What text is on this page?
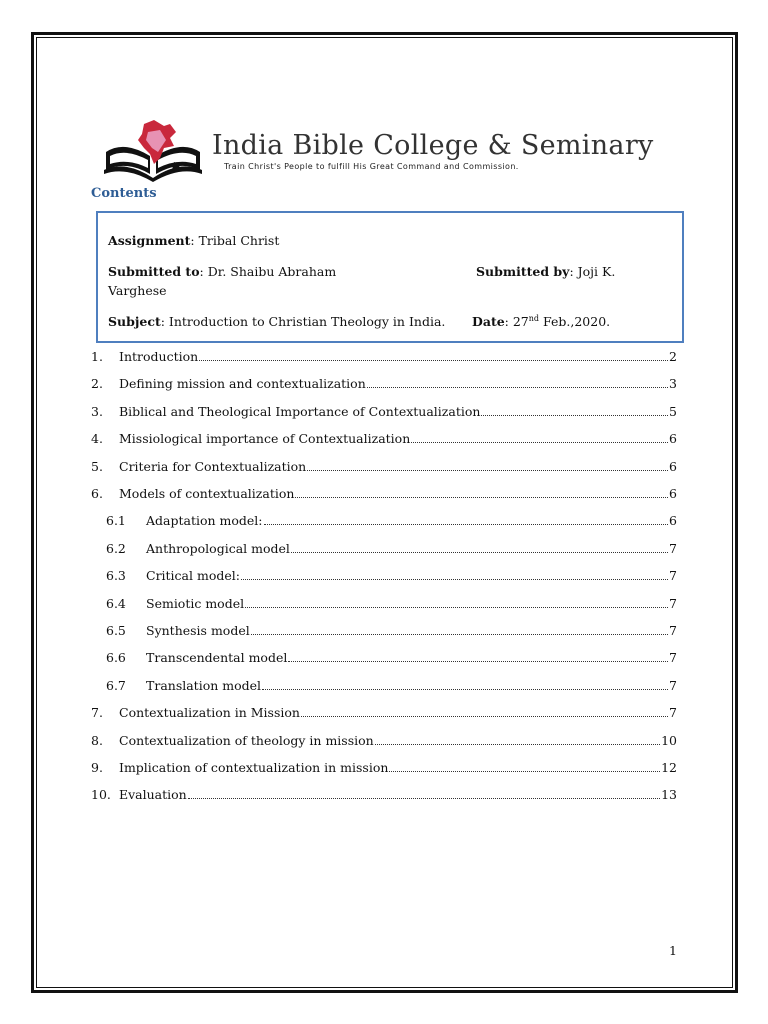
India Bible College & Seminary
Train Christ's People to fulfill His Great Command and Commission.
Contents
Assignment: Tribal Christ
Submitted to: Dr. Shaibu Abraham	Submitted by: Joji K.
Varghese
Subject: Introduction to Christian Theology in India. Date: 27nd Feb.,2020.
1.	Introduction	2
2.	Defining mission and contextualization	3
3.	Biblical and Theological Importance of Contextualization	5
4.	Missiological importance of Contextualization	6
5.	Criteria for Contextualization	6
6.	Models of contextualization	6
6.1	Adaptation model:	6
6.2	Anthropological model	7
6.3	Critical model:	7
6.4	Semiotic model	7
6.5	Synthesis model	7
6.6	Transcendental model	7
6.7	Translation model	7
7.	Contextualization in Mission	7
8.	Contextualization of theology in mission	10
9.	Implication of contextualization in mission	12
10. Evaluation	13
1
